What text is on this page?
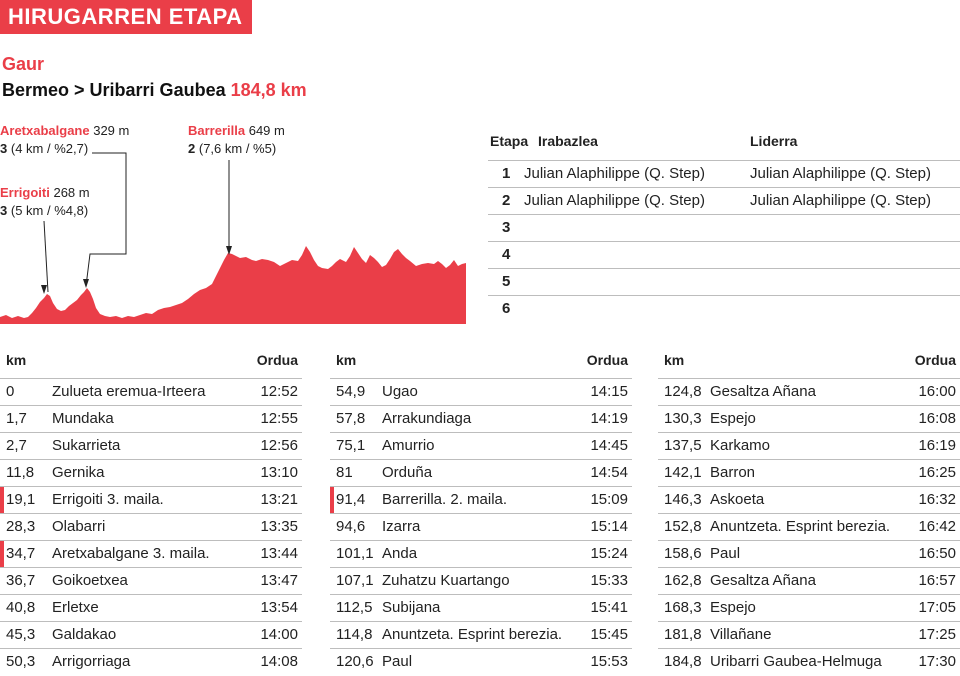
HIRUGARREN ETAPA
Gaur
Bermeo > Uribarri Gaubea 184,8 km
Aretxabalgane 329 m
3 (4 km / %2,7)
Errigoiti 268 m
3 (5 km / %4,8)
Barrerilla 649 m
2 (7,6 km / %5)	Etapa Irabazlea	Liderra
1 Julian Alaphilippe (Q. Step)	Julian Alaphilippe (Q. Step)
2 Julian Alaphilippe (Q. Step)	Julian Alaphilippe (Q. Step)
3
4
5
6
km	Ordua
0	Zulueta eremua-Irteera	12:52
1,7 Mundaka	12:55
2,7 Sukarrieta	12:56
11,8 Gernika	13:10
19,1 Errigoiti 3. maila.	13:21
28,3 Olabarri	13:35
34,7 Aretxabalgane 3. maila.	13:44
36,7 Goikoetxea	13:47
40,8 Erletxe	13:54
45,3 Galdakao	14:00
50,3 Arrigorriaga	14:08
km	Ordua
54,9 Ugao	14:15
57,8 Arrakundiaga	14:19
75,1 Amurrio	14:45
81 Orduña	14:54
91,4 Barrerilla. 2. maila.	15:09
94,6 Izarra	15:14
101,1 Anda	15:24
107,1 Zuhatzu Kuartango	15:33
112,5 Subijana	15:41
114,8 Anuntzeta. Esprint berezia. 15:45
120,6 Paul	15:53
km	Ordua
124,8 Gesaltza Añana	16:00
130,3 Espejo	16:08
137,5 Karkamo	16:19
142,1 Barron	16:25
146,3 Askoeta	16:32
152,8 Anuntzeta. Esprint berezia. 16:42
158,6 Paul	16:50
162,8 Gesaltza Añana	16:57
168,3 Espejo	17:05
181,8 Villañane	17:25
184,8 Uribarri Gaubea-Helmuga 17:30
